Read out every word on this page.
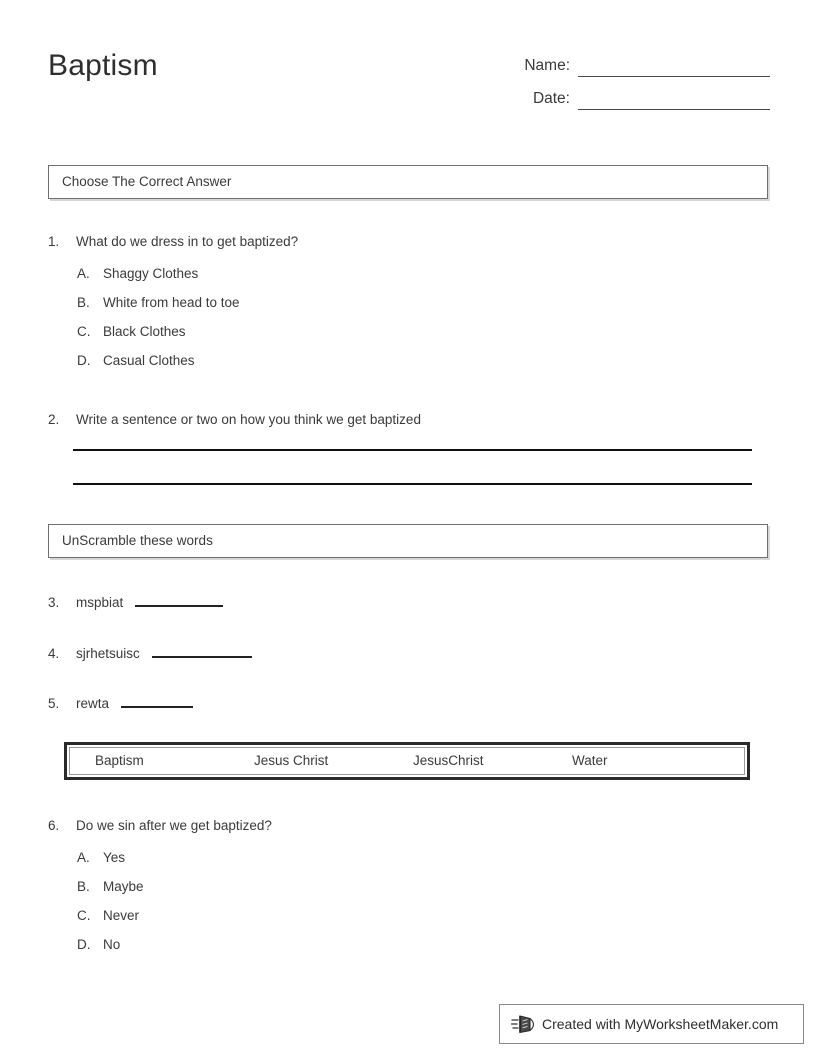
Baptism	Name:
Date:
Choose The Correct Answer
1.	What do we dress in to get baptized?
A. Shaggy Clothes
B. White from head to toe
C. Black Clothes
D. Casual Clothes
2.	Write a sentence or two on how you think we get baptized
UnScramble these words
3.	mspbiat
4.	sjrhetsuisc
5.	rewta
Baptism	Jesus Christ	JesusChrist	Water
6.	Do we sin after we get baptized?
A. Yes
B. Maybe
C. Never
D. No
Created with MyWorksheetMaker.com
